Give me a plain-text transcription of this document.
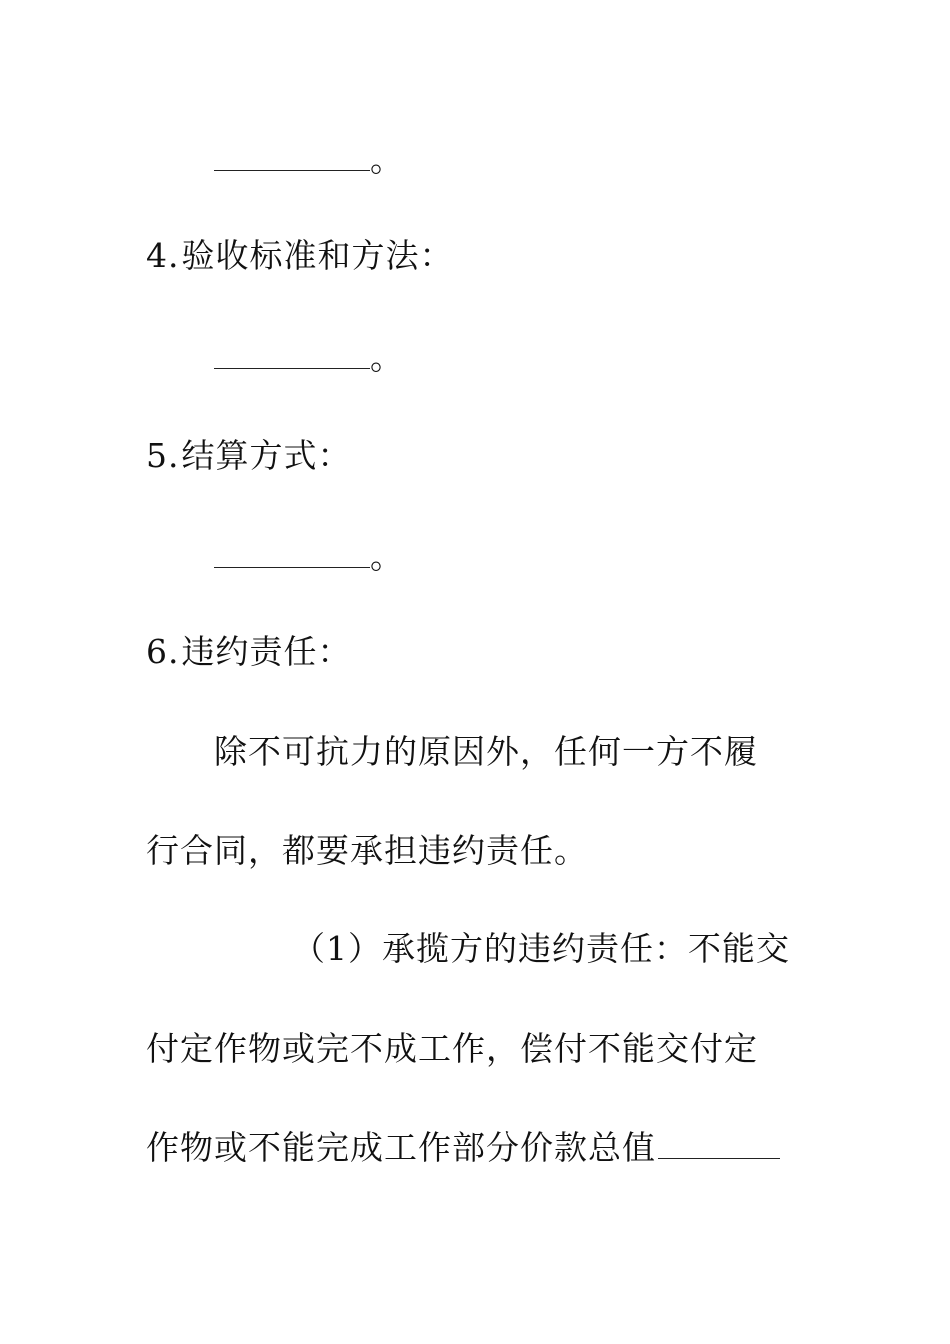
。
4.验收标准和方法：
。
5.结算方式：
。
6.违约责任：
除不可抗力的原因外，任何一方不履
行合同，都要承担违约责任。
（1）承揽方的违约责任：不能交
付定作物或完不成工作，偿付不能交付定
作物或不能完成工作部分价款总值
